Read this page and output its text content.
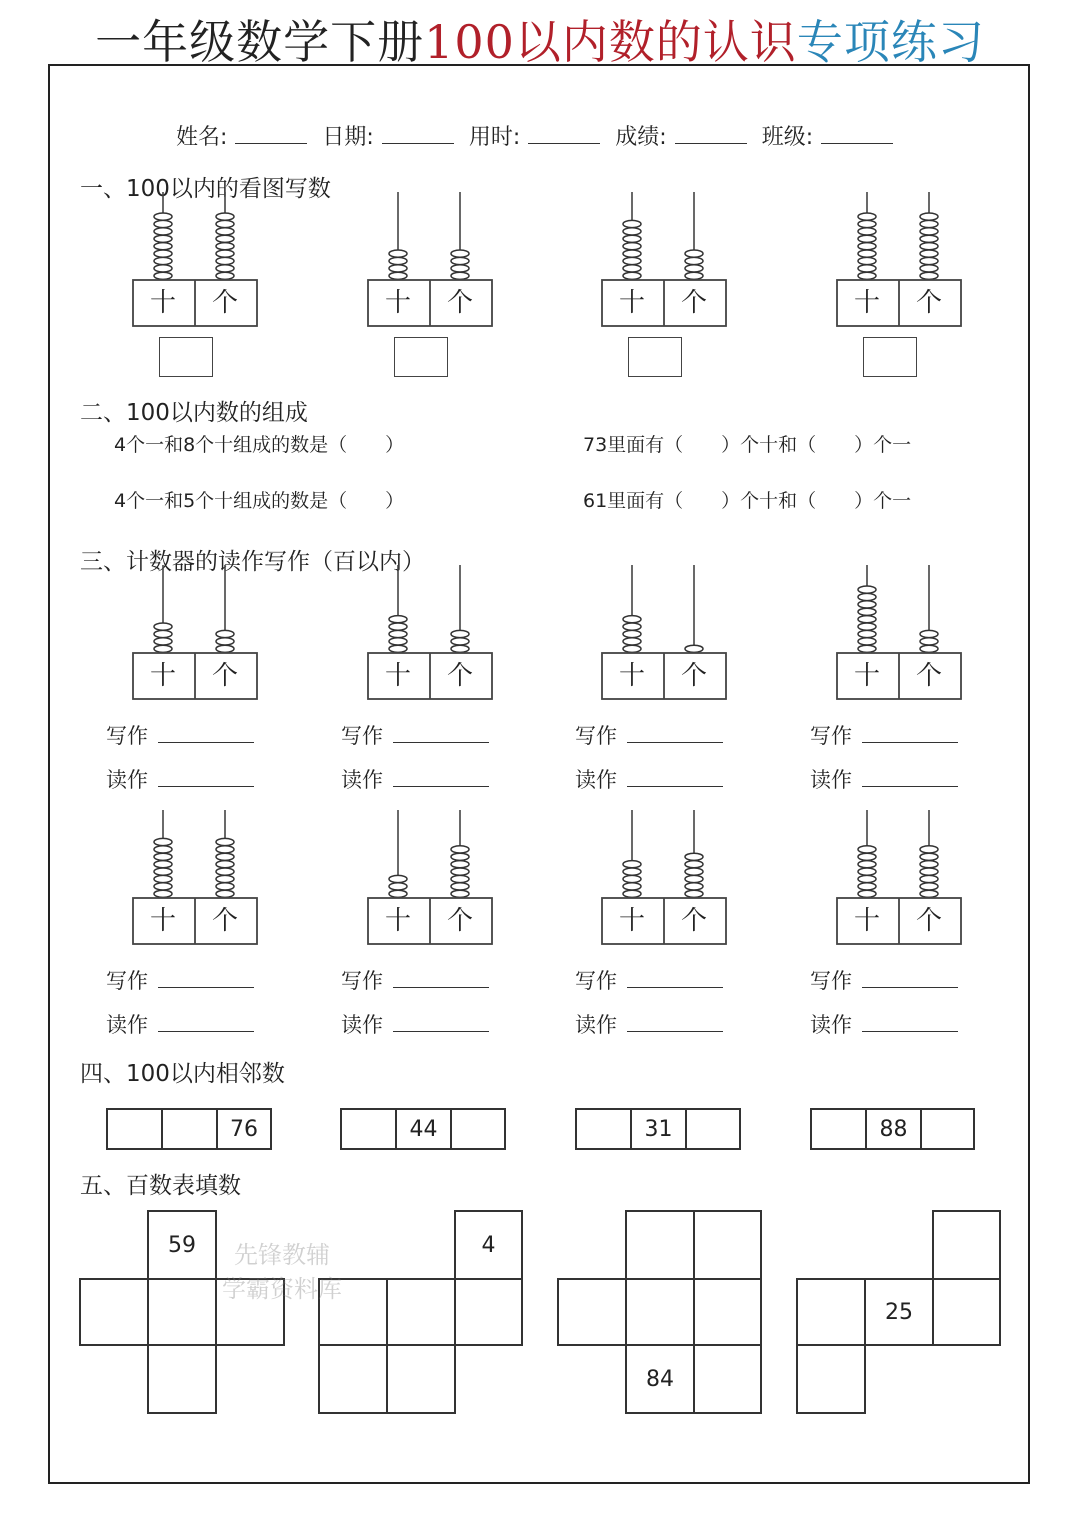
一年级数学下册100以内数的认识专项练习
姓名:	日期:	用时:	成绩:	班级:
一、100以内的看图写数
十 个	十 个	十 个	十 个
二、100以内数的组成
4个一和8个十组成的数是（　　）	73里面有（　　）个十和（　　）个一
4个一和5个十组成的数是（　　）	61里面有（　　）个十和（　　）个一
三、计数器的读作写作（百以内）
十 个	十 个	十 个	十 个
写作	写作	写作	写作
读作	读作	读作	读作
十 个	十 个	十 个	十 个
写作	写作	写作	写作
读作	读作	读作	读作
四、100以内相邻数
76	44	31	88
五、百数表填数
59	4
84
25
先锋教辅
学霸资料库
